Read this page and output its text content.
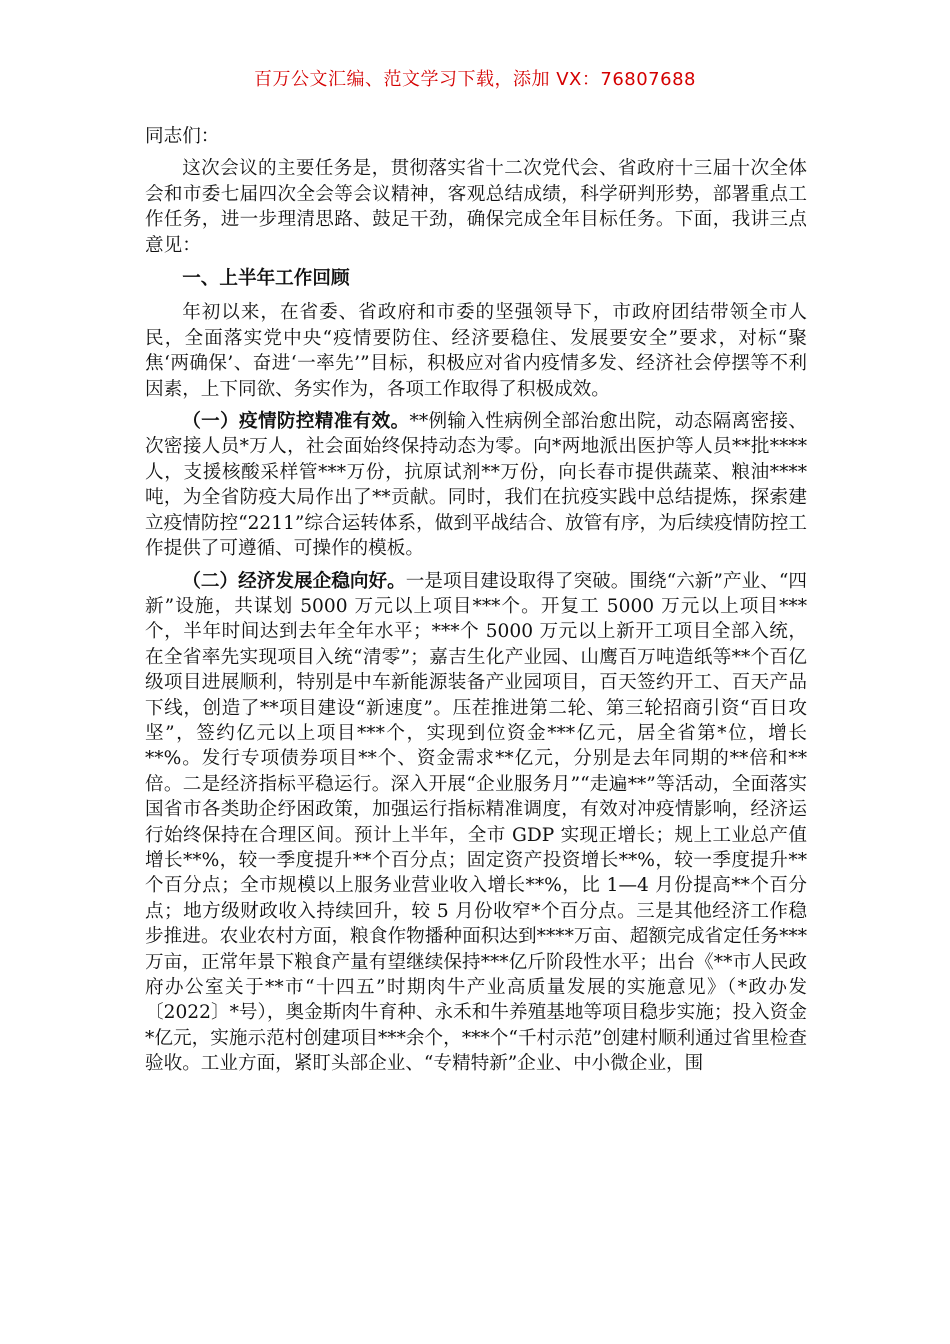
百万公文汇编、范文学习下载，添加 VX：76807688

同志们：

这次会议的主要任务是，贯彻落实省十二次党代会、省政府十三届十次全体会和市委七届四次全会等会议精神，客观总结成绩，科学研判形势，部署重点工作任务，进一步理清思路、鼓足干劲，确保完成全年目标任务。下面，我讲三点意见：

一、上半年工作回顾

年初以来，在省委、省政府和市委的坚强领导下，市政府团结带领全市人民，全面落实党中央“疫情要防住、经济要稳住、发展要安全”要求，对标“聚焦‘两确保’、奋进‘一率先’”目标，积极应对省内疫情多发、经济社会停摆等不利因素，上下同欲、务实作为，各项工作取得了积极成效。

（一）疫情防控精准有效。**例输入性病例全部治愈出院，动态隔离密接、次密接人员*万人，社会面始终保持动态为零。向*两地派出医护等人员**批****人，支援核酸采样管***万份，抗原试剂**万份，向长春市提供蔬菜、粮油****吨，为全省防疫大局作出了**贡献。同时，我们在抗疫实践中总结提炼，探索建立疫情防控“2211”综合运转体系，做到平战结合、放管有序，为后续疫情防控工作提供了可遵循、可操作的模板。

（二）经济发展企稳向好。一是项目建设取得了突破。围绕“六新”产业、“四新”设施，共谋划 5000 万元以上项目***个。开复工 5000 万元以上项目***个，半年时间达到去年全年水平；***个 5000 万元以上新开工项目全部入统，在全省率先实现项目入统“清零”；嘉吉生化产业园、山鹰百万吨造纸等**个百亿级项目进展顺利，特别是中车新能源装备产业园项目，百天签约开工、百天产品下线，创造了**项目建设“新速度”。压茬推进第二轮、第三轮招商引资“百日攻坚”，签约亿元以上项目***个，实现到位资金***亿元，居全省第*位，增长**%。发行专项债券项目**个、资金需求**亿元，分别是去年同期的**倍和**倍。二是经济指标平稳运行。深入开展“企业服务月”“走遍**”等活动，全面落实国省市各类助企纾困政策，加强运行指标精准调度，有效对冲疫情影响，经济运行始终保持在合理区间。预计上半年，全市 GDP 实现正增长；规上工业总产值增长**%，较一季度提升**个百分点；固定资产投资增长**%，较一季度提升**个百分点；全市规模以上服务业营业收入增长**%，比 1—4 月份提高**个百分点；地方级财政收入持续回升，较 5 月份收窄*个百分点。三是其他经济工作稳步推进。农业农村方面，粮食作物播种面积达到****万亩、超额完成省定任务***万亩，正常年景下粮食产量有望继续保持***亿斤阶段性水平；出台《**市人民政府办公室关于**市“十四五”时期肉牛产业高质量发展的实施意见》（*政办发〔2022〕*号），奥金斯肉牛育种、永禾和牛养殖基地等项目稳步实施；投入资金*亿元，实施示范村创建项目***余个，***个“千村示范”创建村顺利通过省里检查验收。工业方面，紧盯头部企业、“专精特新”企业、中小微企业，围
